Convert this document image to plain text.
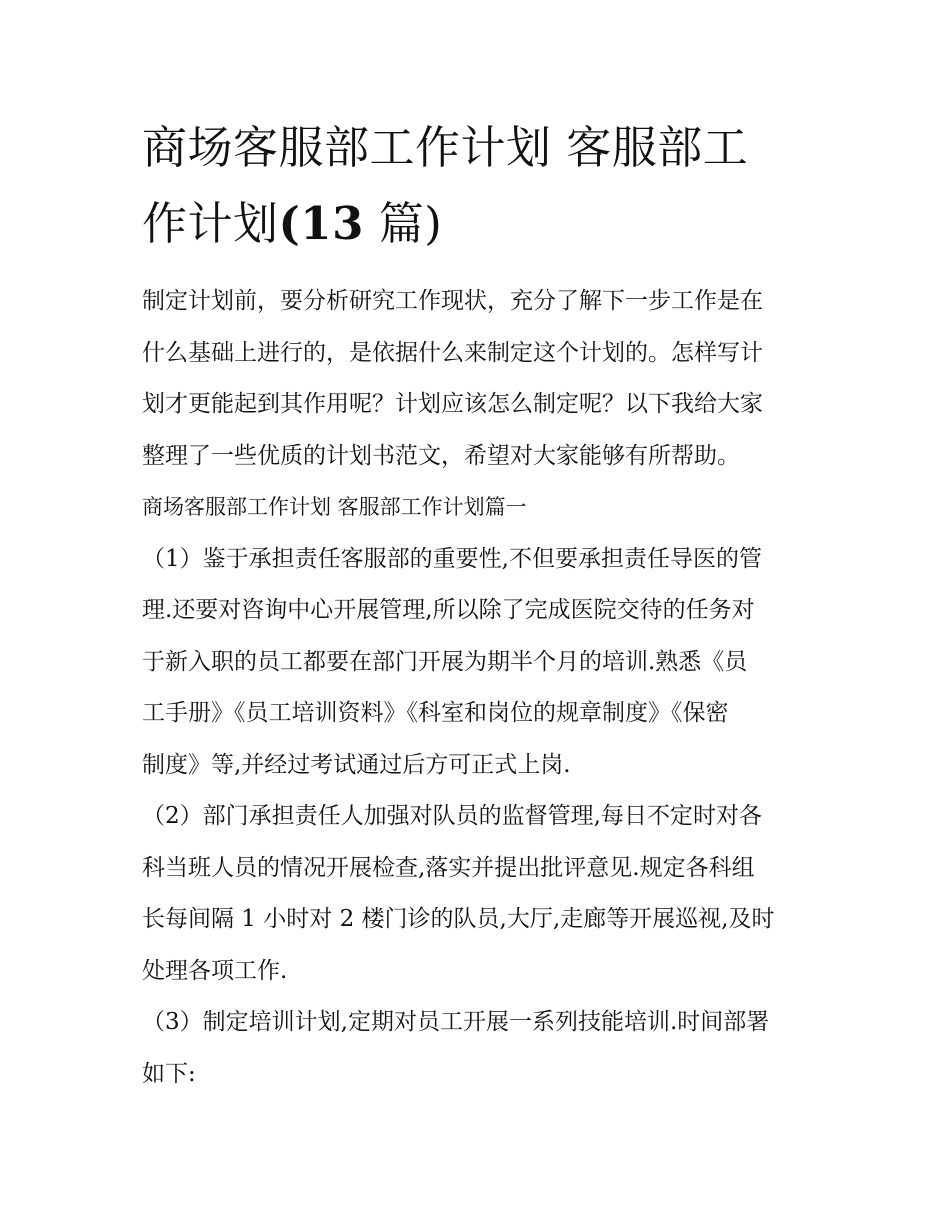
商场客服部工作计划 客服部工
作计划(13 篇)

制定计划前，要分析研究工作现状，充分了解下一步工作是在
什么基础上进行的，是依据什么来制定这个计划的。怎样写计
划才更能起到其作用呢？计划应该怎么制定呢？以下我给大家
整理了一些优质的计划书范文，希望对大家能够有所帮助。

商场客服部工作计划 客服部工作计划篇一

（1）鉴于承担责任客服部的重要性,不但要承担责任导医的管
理.还要对咨询中心开展管理,所以除了完成医院交待的任务对
于新入职的员工都要在部门开展为期半个月的培训.熟悉《员
工手册》《员工培训资料》《科室和岗位的规章制度》《保密
制度》等,并经过考试通过后方可正式上岗.

（2）部门承担责任人加强对队员的监督管理,每日不定时对各
科当班人员的情况开展检查,落实并提出批评意见.规定各科组
长每间隔 1 小时对 2 楼门诊的队员,大厅,走廊等开展巡视,及时
处理各项工作.

（3）制定培训计划,定期对员工开展一系列技能培训.时间部署
如下:
